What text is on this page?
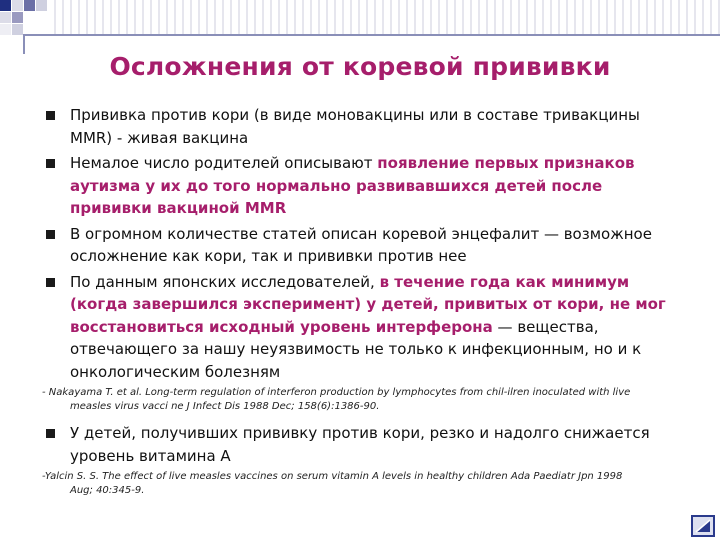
Осложнения от коревой прививки
Прививка против кори (в виде моновакцины или в составе тривакцины MMR) - живая вакцина
Немалое число родителей описывают появление первых признаков аутизма у их до того нормально развивавшихся детей после прививки вакциной MMR
В огромном количестве статей описан коревой энцефалит — возможное осложнение как кори, так и прививки против нее
По данным японских исследователей, в течение года как минимум (когда завершился эксперимент) у детей, привитых от кори, не мог восстановиться исходный уровень интерферона — вещества, отвечающего за нашу неуязвимость не только к инфекционным, но и к онкологическим болезням
- Nakayama T. et al. Long-term regulation of interferon production by lymphocytes from chil-ilren inoculated with live
measles virus vacci ne J Infect Dis 1988 Dec; 158(6):1386-90.
У детей, получивших прививку против кори, резко и надолго снижается уровень витамина А
-Yalcin S. S. The effect of live measles vaccines on serum vitamin A levels in healthy children Ada Paediatr Jpn 1998
Aug; 40:345-9.
